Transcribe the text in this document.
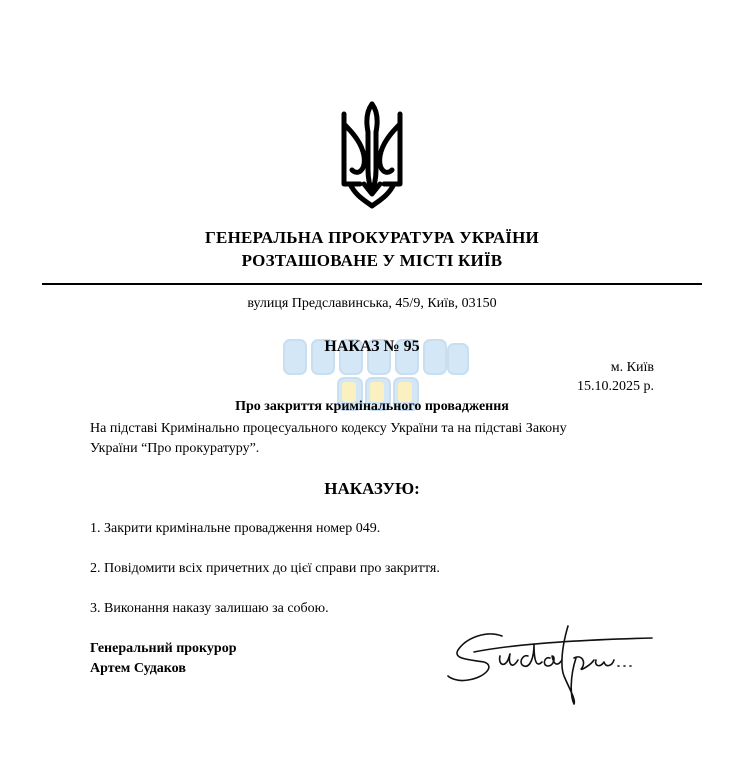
ГЕНЕРАЛЬНА ПРОКУРАТУРА УКРАЇНИ
РОЗТАШОВАНЕ У МІСТІ КИЇВ
вулиця Предславинська, 45/9, Київ, 03150
НАКАЗ № 95
м. Київ
15.10.2025 р.
Про закриття кримінального провадження
На підставі Кримінально процесуального кодексу України та на підставі Закону
України “Про прокуратуру”.
НАКАЗУЮ:
1. Закрити кримінальне провадження номер 049.
2. Повідомити всіх причетних до цієї справи про закриття.
3. Виконання наказу залишаю за собою.
Генеральний прокурор
Артем Судаков
